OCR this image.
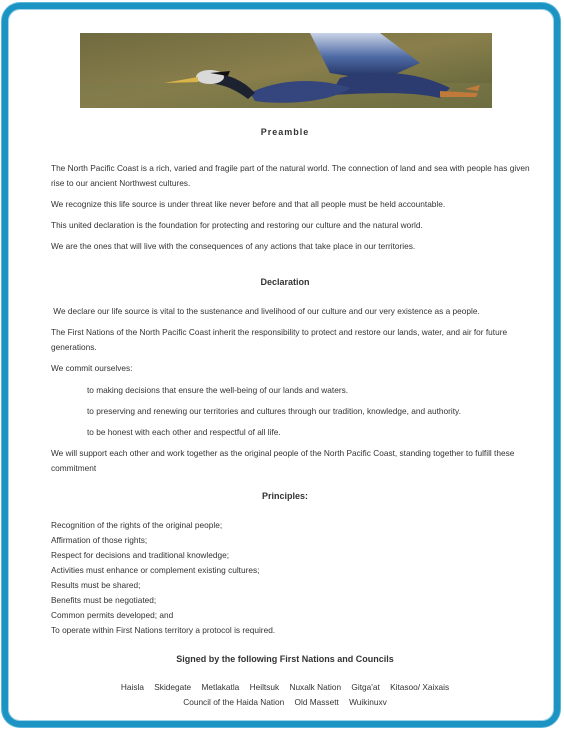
Preamble

The North Pacific Coast is a rich, varied and fragile part of the natural world. The connection of land and sea with people has given rise to our ancient Northwest cultures.

We recognize this life source is under threat like never before and that all people must be held accountable.

This united declaration is the foundation for protecting and restoring our culture and the natural world.

We are the ones that will live with the consequences of any actions that take place in our territories.

Declaration

We declare our life source is vital to the sustenance and livelihood of our culture and our very existence as a people.

The First Nations of the North Pacific Coast inherit the responsibility to protect and restore our lands, water, and air for future generations.

We commit ourselves:

to making decisions that ensure the well-being of our lands and waters.

to preserving and renewing our territories and cultures through our tradition, knowledge, and authority.

to be honest with each other and respectful of all life.

We will support each other and work together as the original people of the North Pacific Coast, standing together to fulfill these commitment

Principles:

Recognition of the rights of the original people;

Affirmation of those rights;

Respect for decisions and traditional knowledge;

Activities must enhance or complement existing cultures;

Results must be shared;

Benefits must be negotiated;

Common permits developed; and

To operate within First Nations territory a protocol is required.

Signed by the following First Nations and Councils
Haisla Skidegate Metlakatla Heiltsuk Nuxalk Nation Gitga'at Kitasoo/ Xaixais
Council of the Haida Nation Old Massett Wuikinuxv
